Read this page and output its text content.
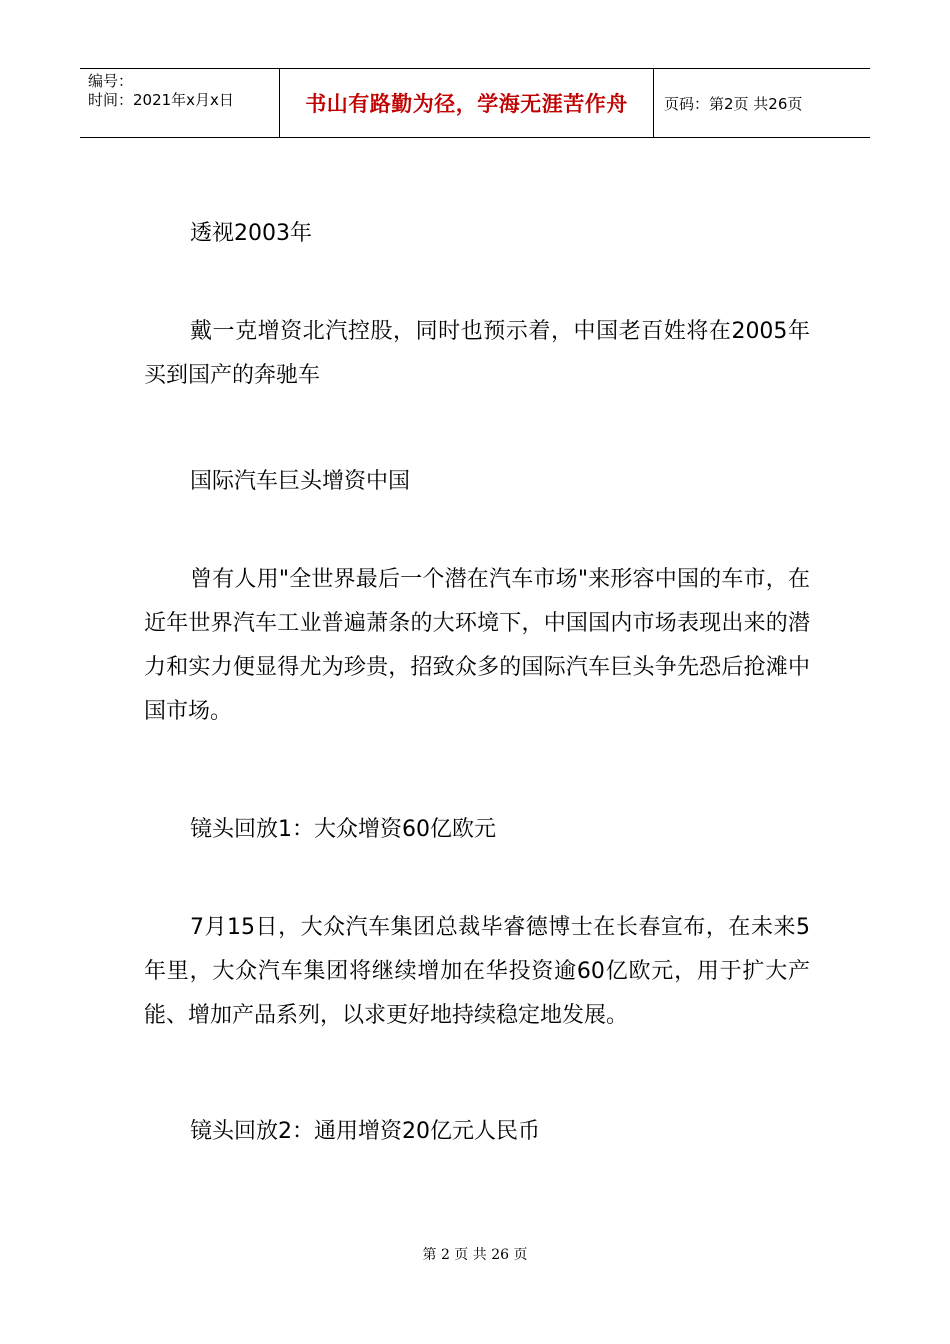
编号：
时间：2021年x月x日	书山有路勤为径，学海无涯苦作舟 页码：第2页 共26页

透视2003年

戴一克增资北汽控股，同时也预示着，中国老百姓将在2005年买到国产的奔驰车

国际汽车巨头增资中国

曾有人用"全世界最后一个潜在汽车市场"来形容中国的车市，在近年世界汽车工业普遍萧条的大环境下，中国国内市场表现出来的潜力和实力便显得尤为珍贵，招致众多的国际汽车巨头争先恐后抢滩中国市场。

镜头回放1：大众增资60亿欧元

7月15日，大众汽车集团总裁毕睿德博士在长春宣布，在未来5年里，大众汽车集团将继续增加在华投资逾60亿欧元，用于扩大产能、增加产品系列，以求更好地持续稳定地发展。

镜头回放2：通用增资20亿元人民币

第 2 页 共 26 页
